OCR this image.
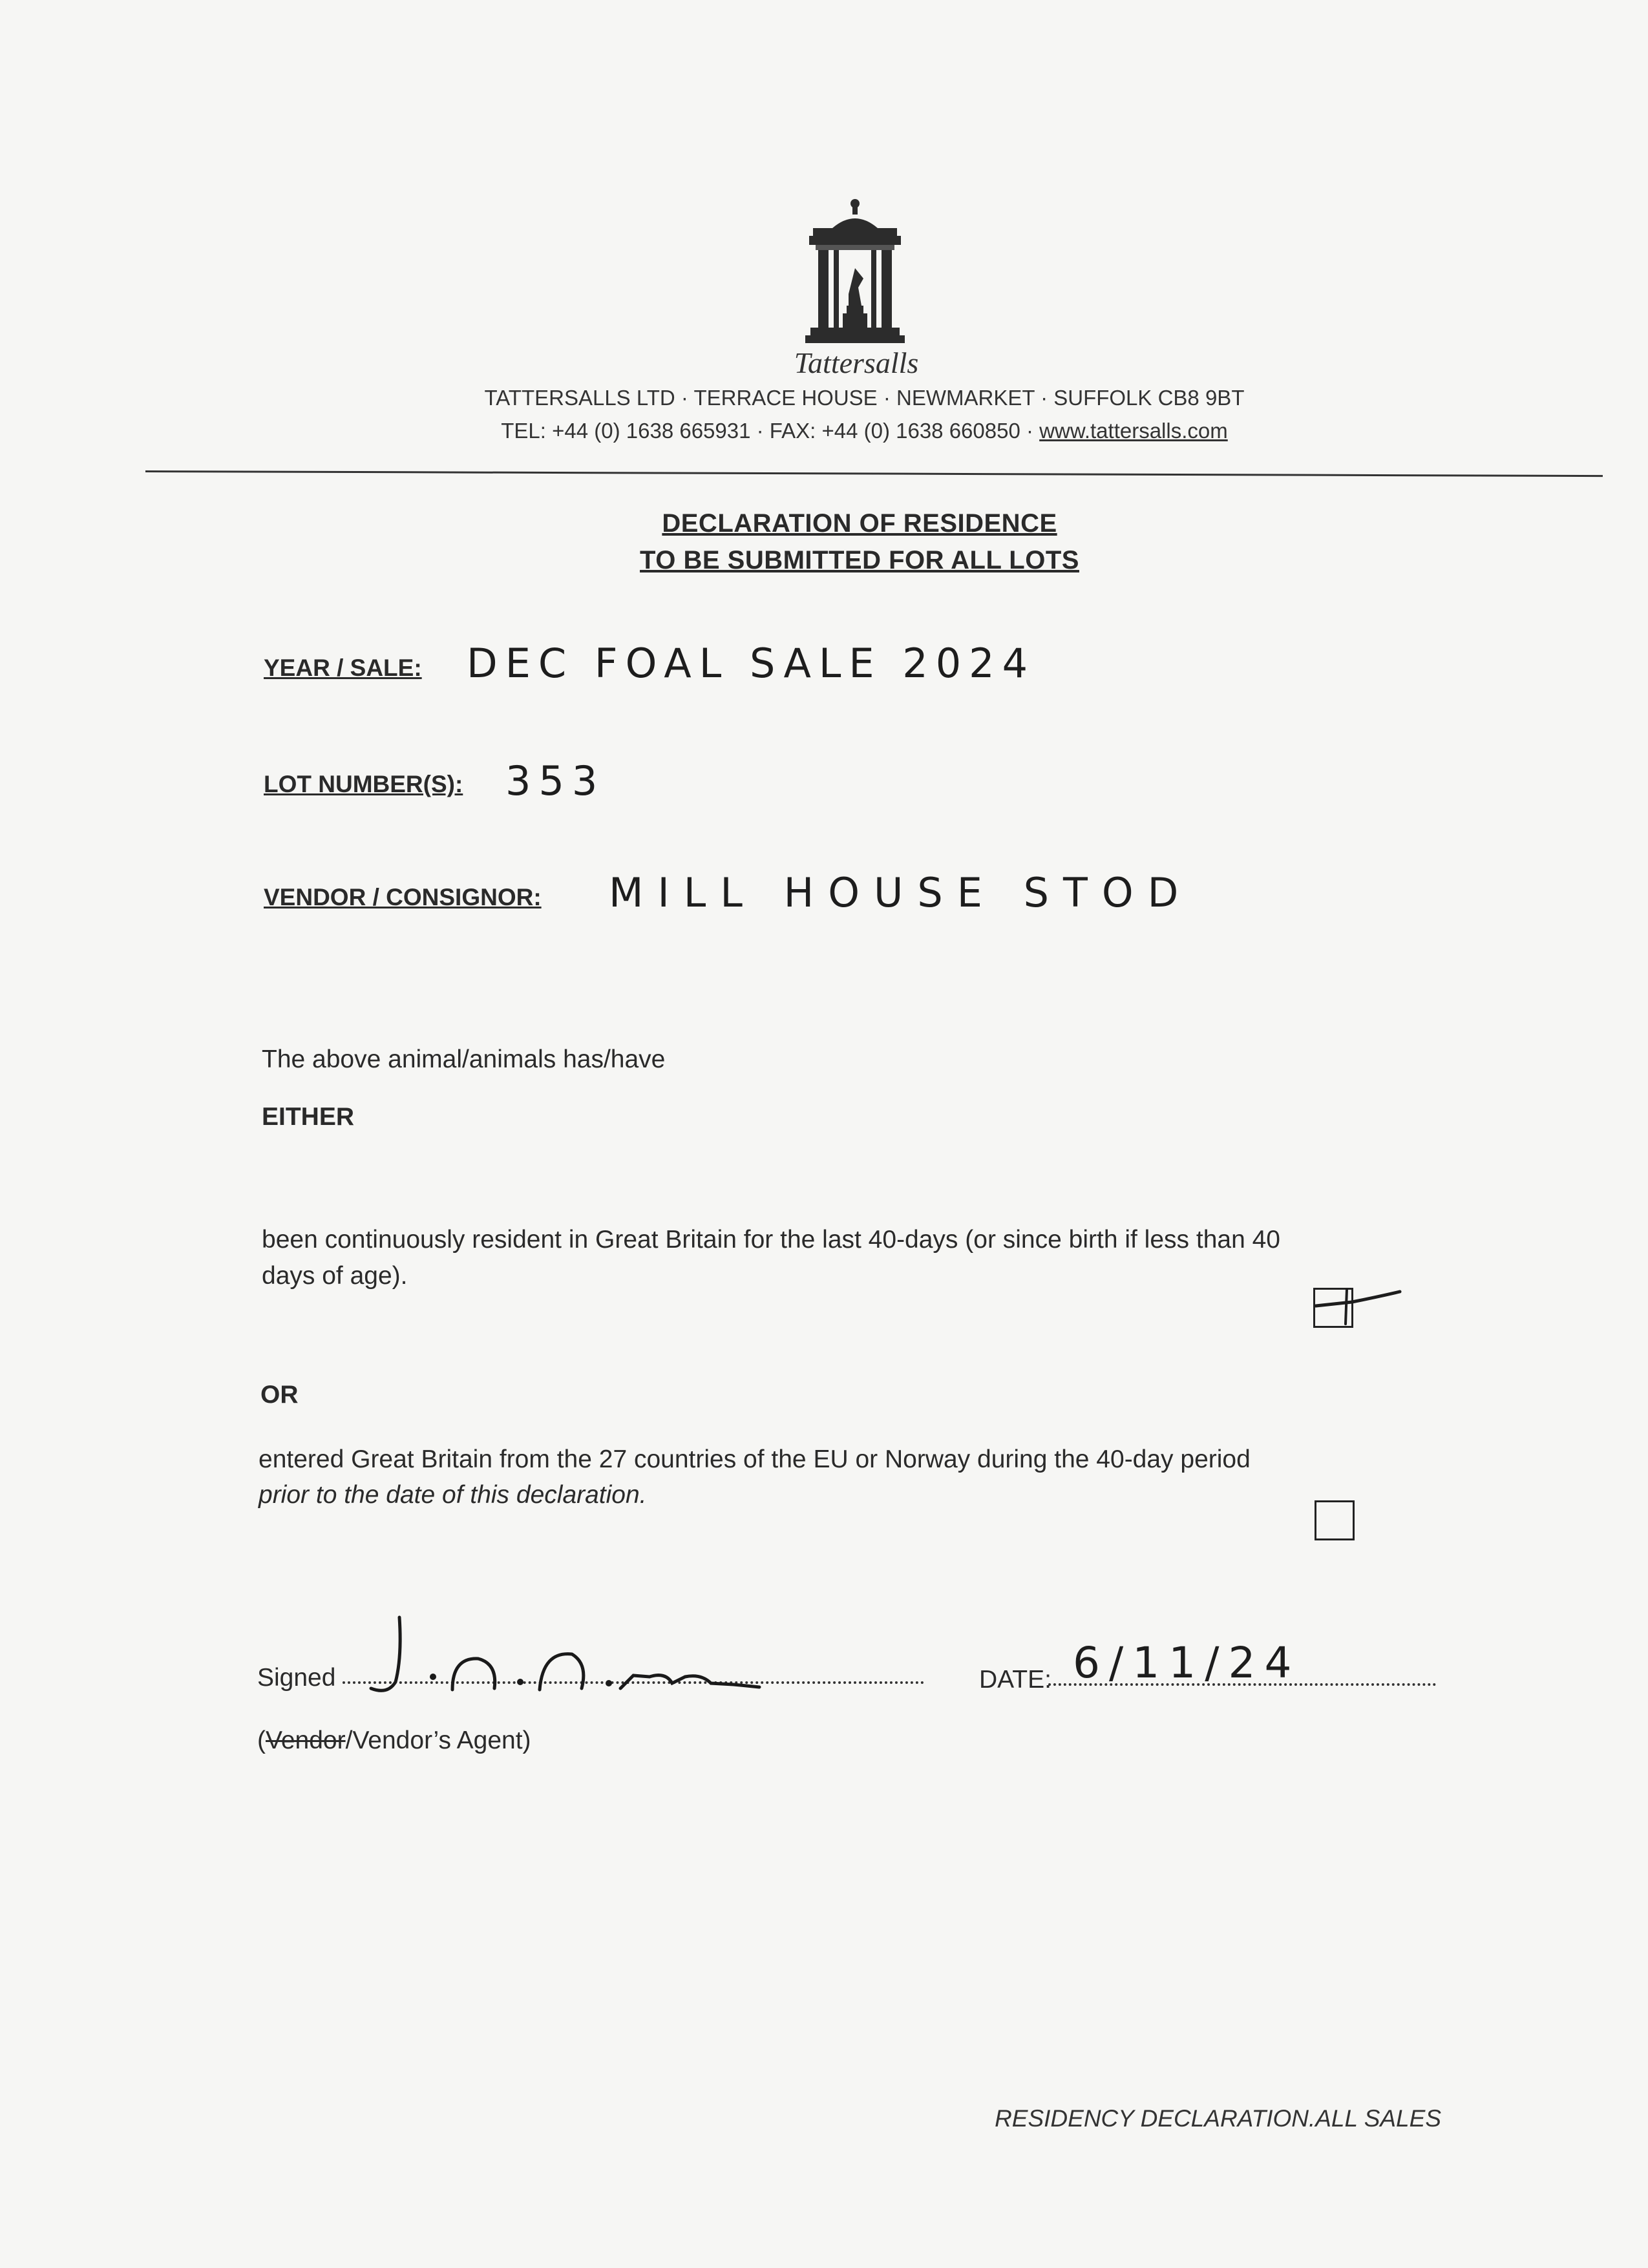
Tattersalls
TATTERSALLS LTD · TERRACE HOUSE · NEWMARKET · SUFFOLK CB8 9BT
TEL: +44 (0) 1638 665931 · FAX: +44 (0) 1638 660850 · www.tattersalls.com
DECLARATION OF RESIDENCE
TO BE SUBMITTED FOR ALL LOTS
YEAR / SALE: DEC FOAL SALE 2024
LOT NUMBER(S): 353
VENDOR / CONSIGNOR: MILL HOUSE STOD
The above animal/animals has/have
EITHER
been continuously resident in Great Britain for the last 40-days (or since birth if less than 40
days of age).
OR
entered Great Britain from the 27 countries of the EU or Norway during the 40-day period
prior to the date of this declaration.
Signed	DATE: 6/11/24
(Vendor/Vendor’s Agent)
RESIDENCY DECLARATION.ALL SALES
